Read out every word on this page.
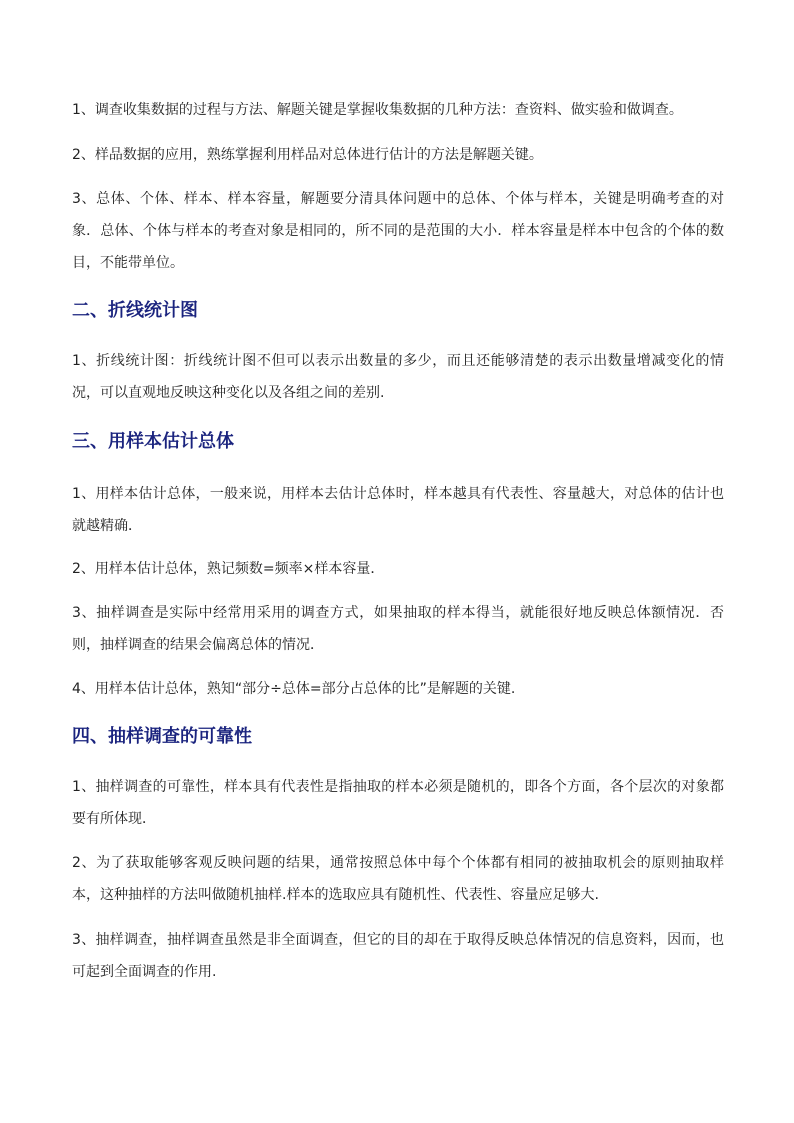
1、调查收集数据的过程与方法、解题关键是掌握收集数据的几种方法：查资料、做实验和做调查。

2、样品数据的应用，熟练掌握利用样品对总体进行估计的方法是解题关键。

3、总体、个体、样本、样本容量，解题要分清具体问题中的总体、个体与样本，关键是明确考查的对象．总体、个体与样本的考查对象是相同的，所不同的是范围的大小．样本容量是样本中包含的个体的数目，不能带单位。

二、折线统计图

1、折线统计图：折线统计图不但可以表示出数量的多少，而且还能够清楚的表示出数量增减变化的情况，可以直观地反映这种变化以及各组之间的差别.

三、用样本估计总体

1、用样本估计总体，一般来说，用样本去估计总体时，样本越具有代表性、容量越大，对总体的估计也就越精确．

2、用样本估计总体，熟记频数=频率×样本容量．

3、抽样调查是实际中经常用采用的调查方式，如果抽取的样本得当，就能很好地反映总体额情况．否则，抽样调查的结果会偏离总体的情况．

4、用样本估计总体，熟知“部分÷总体=部分占总体的比”是解题的关键.

四、抽样调查的可靠性

1、抽样调查的可靠性，样本具有代表性是指抽取的样本必须是随机的，即各个方面，各个层次的对象都要有所体现．

2、为了获取能够客观反映问题的结果，通常按照总体中每个个体都有相同的被抽取机会的原则抽取样本，这种抽样的方法叫做随机抽样.样本的选取应具有随机性、代表性、容量应足够大.

3、抽样调查，抽样调查虽然是非全面调查，但它的目的却在于取得反映总体情况的信息资料，因而，也可起到全面调查的作用.
